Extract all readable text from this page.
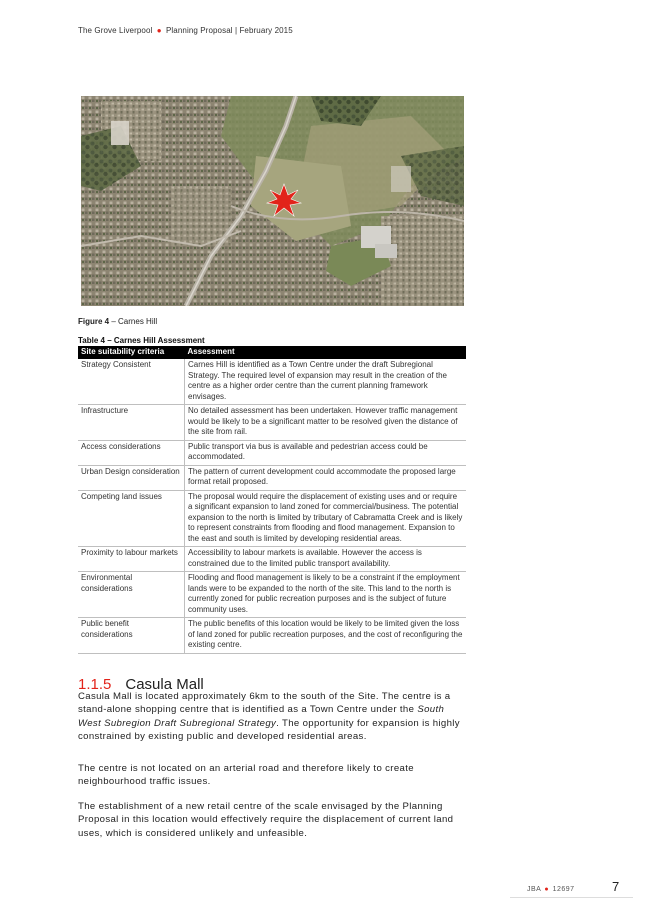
The Grove Liverpool ● Planning Proposal | February 2015
Figure 4 – Carnes Hill
Table 4 – Carnes Hill Assessment
Site suitability criteria	Assessment
Strategy Consistent	Carnes Hill is identified as a Town Centre under the draft Subregional Strategy. The required level of expansion may result in the creation of the centre as a higher order centre than the current planning framework envisages.
Infrastructure	No detailed assessment has been undertaken. However traffic management would be likely to be a significant matter to be resolved given the distance of the site from rail.
Access considerations	Public transport via bus is available and pedestrian access could be accommodated.
Urban Design consideration	The pattern of current development could accommodate the proposed large format retail proposed.
Competing land issues	The proposal would require the displacement of existing uses and or require a significant expansion to land zoned for commercial/business. The potential expansion to the north is limited by tributary of Cabramatta Creek and is likely to represent constraints from flooding and flood management. Expansion to the east and south is limited by developing residential areas.
Proximity to labour markets	Accessibility to labour markets is available. However the access is constrained due to the limited public transport availability.
Environmental considerations	Flooding and flood management is likely to be a constraint if the employment lands were to be expanded to the north of the site. This land to the north is currently zoned for public recreation purposes and is the subject of future community uses.
Public benefit considerations	The public benefits of this location would be likely to be limited given the loss of land zoned for public recreation purposes, and the cost of reconfiguring the existing centre.
1.1.5 Casula Mall

Casula Mall is located approximately 6km to the south of the Site. The centre is a stand-alone shopping centre that is identified as a Town Centre under the South West Subregion Draft Subregional Strategy. The opportunity for expansion is highly constrained by existing public and developed residential areas.

The centre is not located on an arterial road and therefore likely to create neighbourhood traffic issues.

The establishment of a new retail centre of the scale envisaged by the Planning Proposal in this location would effectively require the displacement of current land uses, which is considered unlikely and unfeasible.

JBA ● 12697	7
